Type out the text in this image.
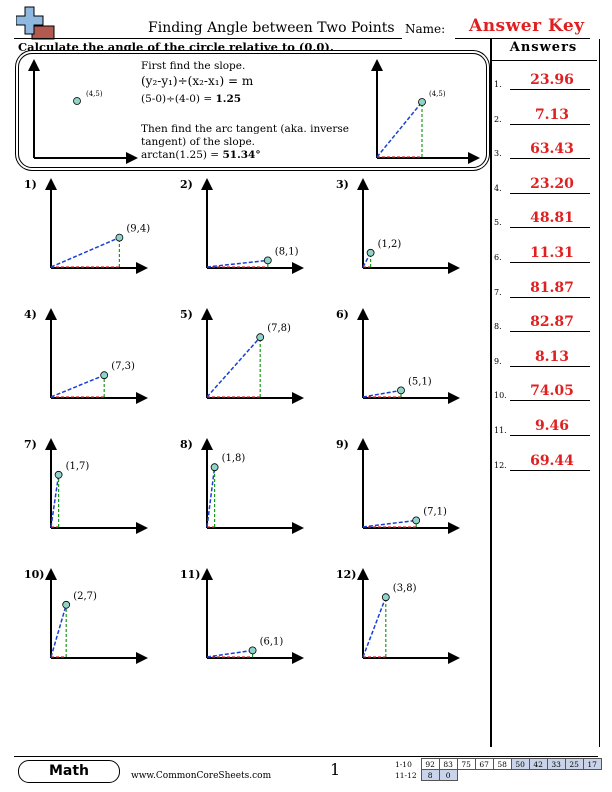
Finding Angle between Two Points Name: Answer Key
Calculate the angle of the circle relative to (0,0).
(4,5)
First find the slope.
(y₂-y₁)÷(x₂-x₁) = m
(5-0)÷(4-0) = 1.25
Then find the arc tangent (aka. inverse
tangent) of the slope.
arctan(1.25) = 51.34°
(4,5)
1)
(9,4)
2)
(8,1)
3)
(1,2)
4)
(7,3)
5)
(7,8)
6)
(5,1)
7)
(1,7)
8)
(1,8)
9)
(7,1)
10)
(2,7)
11)
(6,1)
12)
(3,8)
Answers
1.	23.96
2.	7.13
3.	63.43
4.	23.20
5.	48.81
6.	11.31
7.	81.87
8.	82.87
9.	8.13
10.	74.05
11.	9.46
12.	69.44
Math	www.CommonCoreSheets.com	1	1-10	92	83	75	67	58	50	42	33	25	17
11-12	8	0								
